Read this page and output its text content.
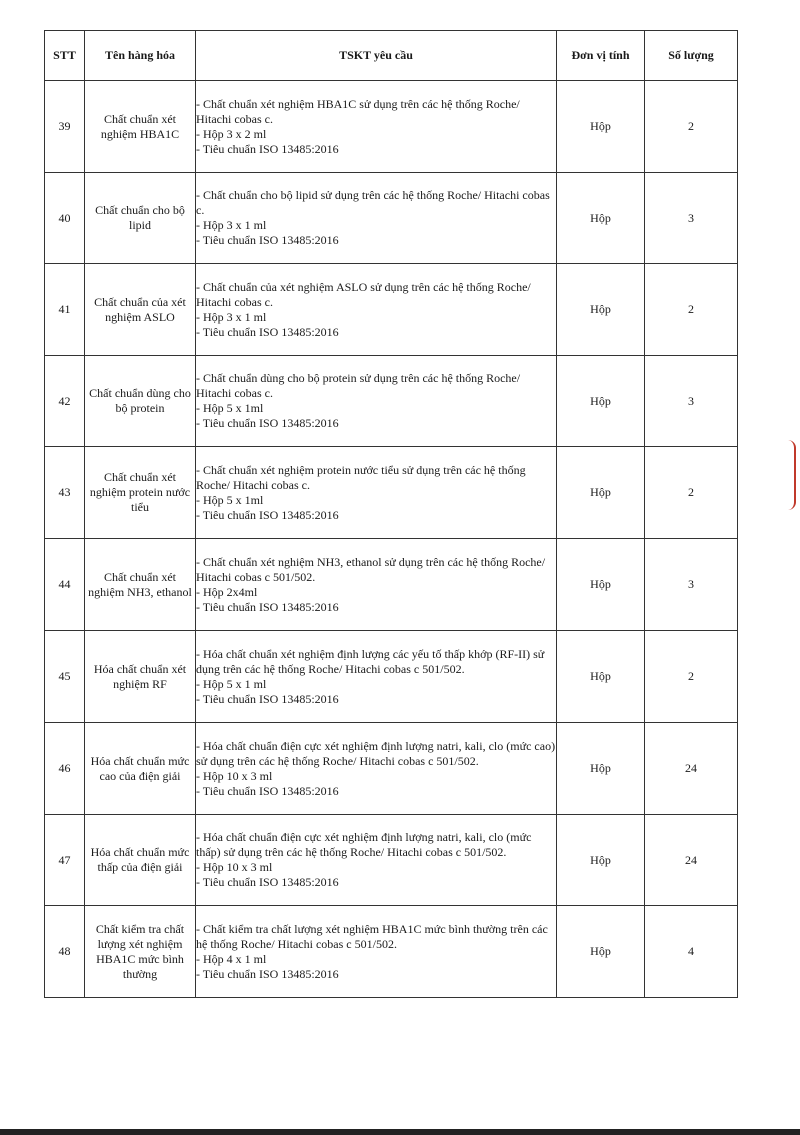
STT	Tên hàng hóa	TSKT yêu cầu	Đơn vị tính	Số lượng
39	Chất chuẩn xét nghiệm HBA1C	- Chất chuẩn xét nghiệm HBA1C sử dụng trên các hệ thống Roche/ Hitachi cobas c.
- Hộp 3 x 2 ml
- Tiêu chuẩn ISO 13485:2016	Hộp	2
40	Chất chuẩn cho bộ lipid	- Chất chuẩn cho bộ lipid sử dụng trên các hệ thống Roche/ Hitachi cobas c.
- Hộp 3 x 1 ml
- Tiêu chuẩn ISO 13485:2016	Hộp	3
41	Chất chuẩn của xét nghiệm ASLO	- Chất chuẩn của xét nghiệm ASLO sử dụng trên các hệ thống Roche/ Hitachi cobas c.
- Hộp 3 x 1 ml
- Tiêu chuẩn ISO 13485:2016	Hộp	2
42	Chất chuẩn dùng cho bộ protein	- Chất chuẩn dùng cho bộ protein sử dụng trên các hệ thống Roche/ Hitachi cobas c.
- Hộp 5 x 1ml
- Tiêu chuẩn ISO 13485:2016	Hộp	3
43	Chất chuẩn xét nghiệm protein nước tiểu	- Chất chuẩn xét nghiệm protein nước tiểu sử dụng trên các hệ thống Roche/ Hitachi cobas c.
- Hộp 5 x 1ml
- Tiêu chuẩn ISO 13485:2016	Hộp	2
44	Chất chuẩn xét nghiệm NH3, ethanol	- Chất chuẩn xét nghiệm NH3, ethanol sử dụng trên các hệ thống Roche/ Hitachi cobas c 501/502.
- Hộp 2x4ml
- Tiêu chuẩn ISO 13485:2016	Hộp	3
45	Hóa chất chuẩn xét nghiệm RF	- Hóa chất chuẩn xét nghiệm định lượng các yếu tố thấp khớp (RF-II) sử dụng trên các hệ thống Roche/ Hitachi cobas c 501/502.
- Hộp 5 x 1 ml
- Tiêu chuẩn ISO 13485:2016	Hộp	2
46	Hóa chất chuẩn mức cao của điện giải	- Hóa chất chuẩn điện cực xét nghiệm định lượng natri, kali, clo (mức cao) sử dụng trên các hệ thống Roche/ Hitachi cobas c 501/502.
- Hộp 10 x 3 ml
- Tiêu chuẩn ISO 13485:2016	Hộp	24
47	Hóa chất chuẩn mức thấp của điện giải	- Hóa chất chuẩn điện cực xét nghiệm định lượng natri, kali, clo (mức thấp) sử dụng trên các hệ thống Roche/ Hitachi cobas c 501/502.
- Hộp 10 x 3 ml
- Tiêu chuẩn ISO 13485:2016	Hộp	24
48	Chất kiểm tra chất lượng xét nghiệm HBA1C mức bình thường	- Chất kiểm tra chất lượng xét nghiệm HBA1C mức bình thường trên các hệ thống Roche/ Hitachi cobas c 501/502.
- Hộp 4 x 1 ml
- Tiêu chuẩn ISO 13485:2016	Hộp	4
